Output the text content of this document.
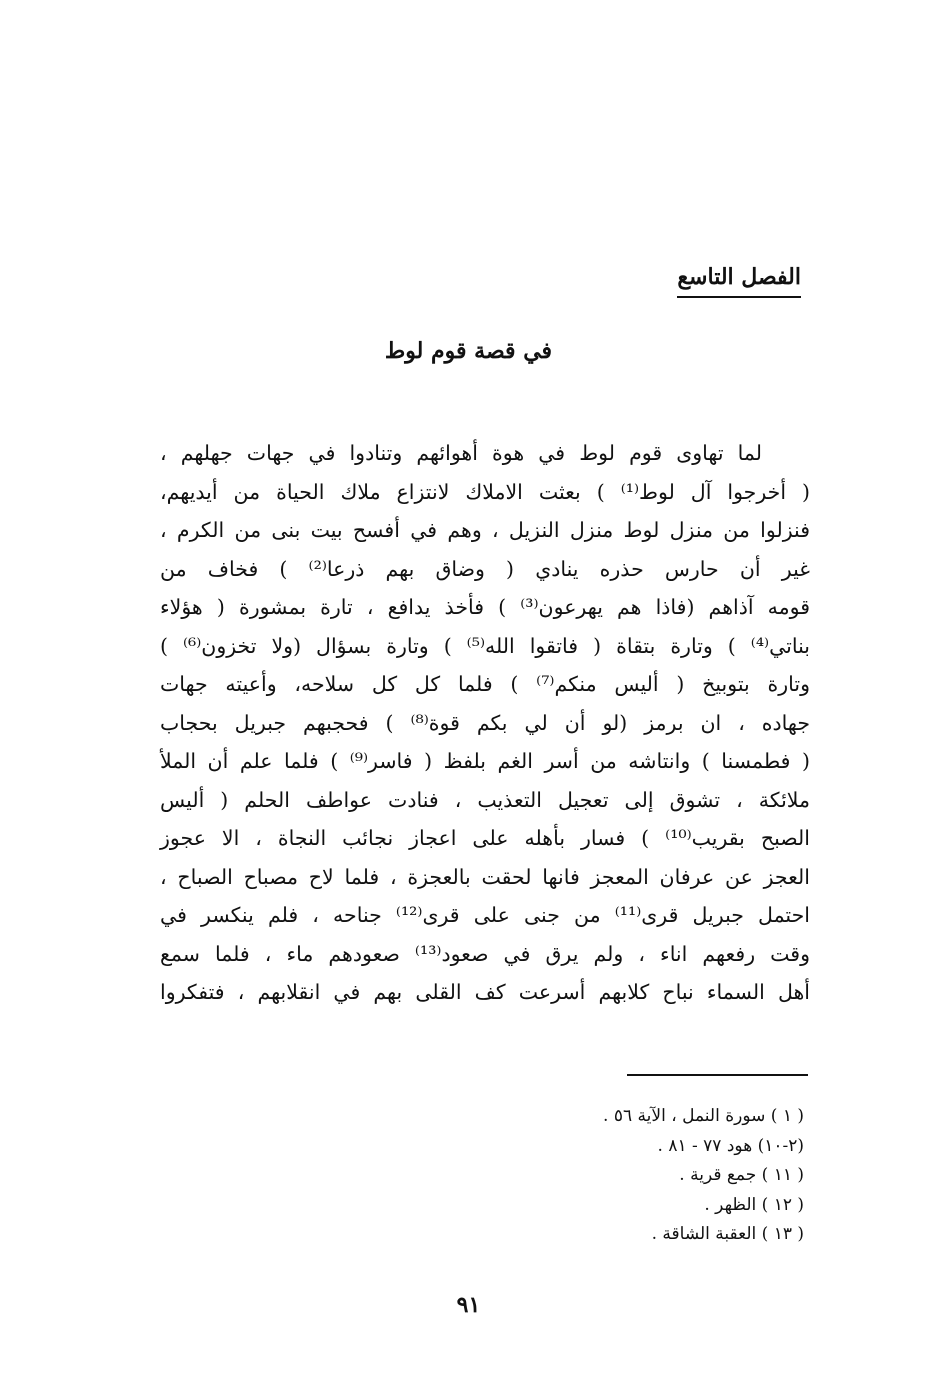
الفصل التاسع
في قصة قوم لوط
لما تهاوى قوم لوط في هوة أهوائهم وتنادوا في جهات جهلهم ،
( أخرجوا آل لوط⁽¹⁾ ) بعثت الاملاك لانتزاع ملاك الحياة من أيديهم،
فنزلوا من منزل لوط منزل النزيل ، وهم في أفسح بيت بنى من الكرم ،
غير أن حارس حذره ينادي ( وضاق بهم ذرعا⁽²⁾ ) فخاف من
قومه آذاهم (فاذا هم يهرعون⁽³⁾ ) فأخذ يدافع ، تارة بمشورة ( هؤلاء
بناتي⁽⁴⁾ ) وتارة بتقاة ( فاتقوا الله⁽⁵⁾ ) وتارة بسؤال (ولا تخزون⁽⁶⁾ )
وتارة بتوبيخ ( أليس منكم⁽⁷⁾ ) فلما كل كل سلاحه، وأعيته جهات
جهاده ، ان برمز (لو أن لي بكم قوة⁽⁸⁾ ) فحجبهم جبريل بحجاب
( فطمسنا ) وانتاشه من أسر الغم بلفظ ( فاسر⁽⁹⁾ ) فلما علم أن الملأ
ملائكة ، تشوق إلى تعجيل التعذيب ، فنادت عواطف الحلم ( أليس
الصبح بقريب⁽¹⁰⁾ ) فسار بأهله على اعجاز نجائب النجاة ، الا عجوز
العجز عن عرفان المعجز فانها لحقت بالعجزة ، فلما لاح مصباح الصباح ،
احتمل جبريل قرى⁽¹¹⁾ من جنى على قرى⁽¹²⁾ جناحه ، فلم ينكسر في
وقت رفعهم اناء ، ولم يرق في صعود⁽¹³⁾ صعودهم ماء ، فلما سمع
أهل السماء نباح كلابهم أسرعت كف القلى بهم في انقلابهم ، فتفكروا
( ١ ) سورة النمل ، الآية ٥٦ .
(٢-١٠) هود ٧٧ - ٨١ .
( ١١ ) جمع قرية .
( ١٢ ) الظهر .
( ١٣ ) العقبة الشاقة .
٩١
